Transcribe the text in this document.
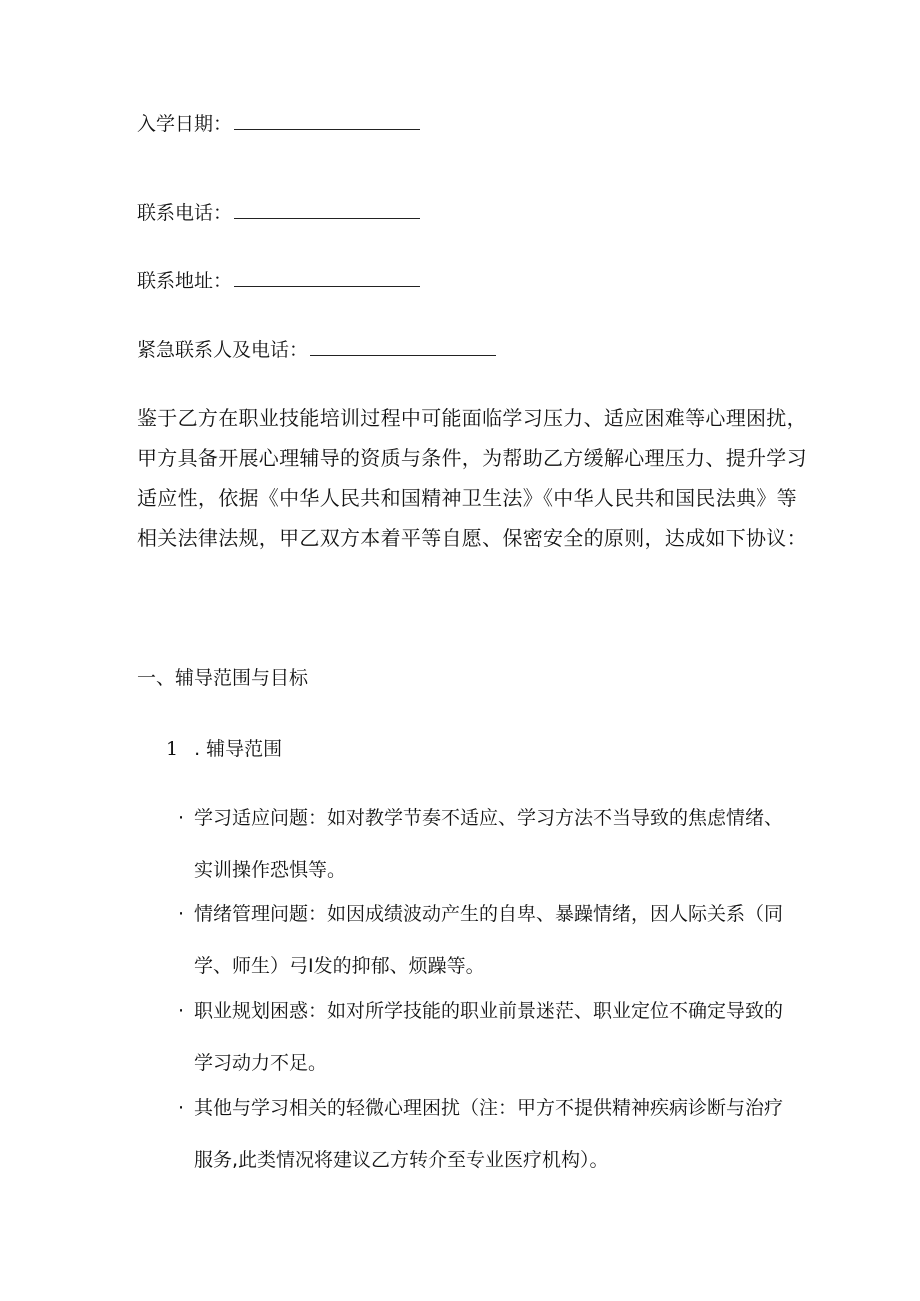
入学日期：
联系电话：
联系地址：
紧急联系人及电话：
鉴于乙方在职业技能培训过程中可能面临学习压力、适应困难等心理困扰，甲方具备开展心理辅导的资质与条件，为帮助乙方缓解心理压力、提升学习适应性，依据《中华人民共和国精神卫生法》《中华人民共和国民法典》等相关法律法规，甲乙双方本着平等自愿、保密安全的原则，达成如下协议：
一、辅导范围与目标
1 . 辅导范围
· 学习适应问题：如对教学节奏不适应、学习方法不当导致的焦虑情绪、实训操作恐惧等。
· 情绪管理问题：如因成绩波动产生的自卑、暴躁情绪，因人际关系（同学、师生）弓I发的抑郁、烦躁等。
· 职业规划困惑：如对所学技能的职业前景迷茫、职业定位不确定导致的学习动力不足。
· 其他与学习相关的轻微心理困扰（注：甲方不提供精神疾病诊断与治疗服务,此类情况将建议乙方转介至专业医疗机构）。
